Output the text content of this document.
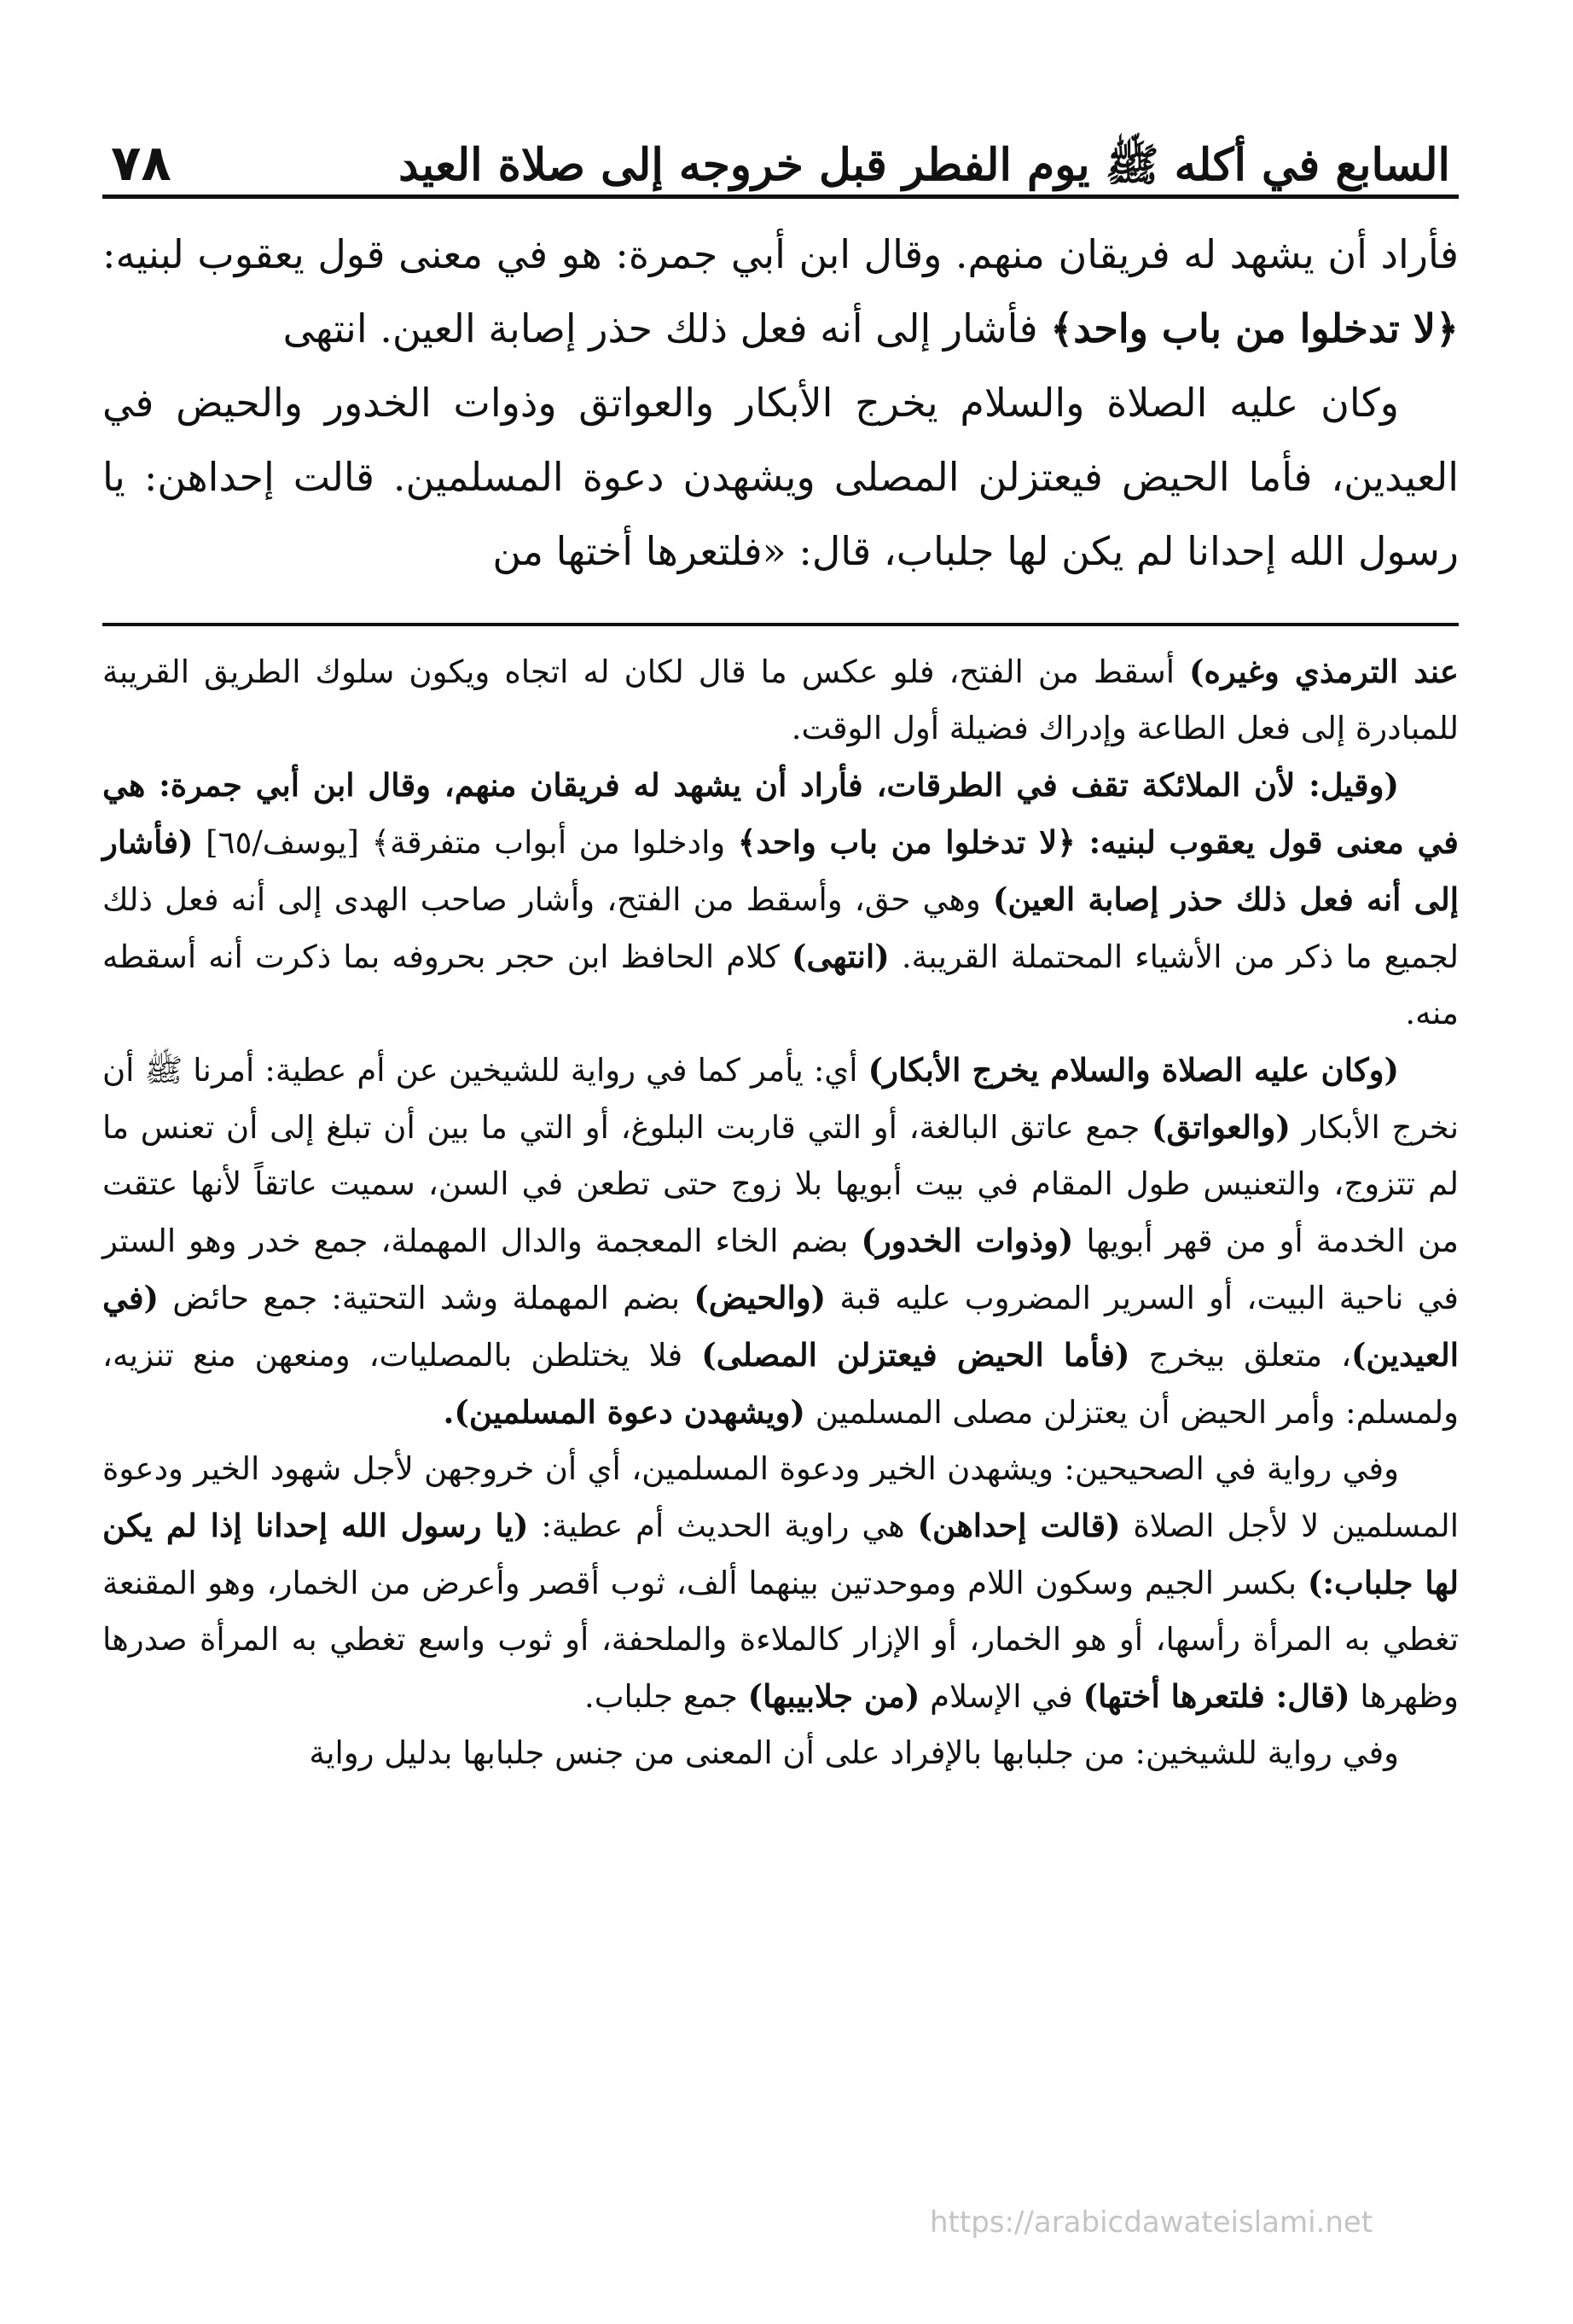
السابع في أكله ﷺ يوم الفطر قبل خروجه إلى صلاة العيد
٧٨

فأراد أن يشهد له فريقان منهم. وقال ابن أبي جمرة: هو في معنى قول يعقوب لبنيه: ﴿لا تدخلوا من باب واحد﴾ فأشار إلى أنه فعل ذلك حذر إصابة العين. انتهى

وكان عليه الصلاة والسلام يخرج الأبكار والعواتق وذوات الخدور والحيض في العيدين، فأما الحيض فيعتزلن المصلى ويشهدن دعوة المسلمين. قالت إحداهن: يا رسول الله إحدانا لم يكن لها جلباب، قال: «فلتعرها أختها من

عند الترمذي وغيره) أسقط من الفتح، فلو عكس ما قال لكان له اتجاه ويكون سلوك الطريق القريبة للمبادرة إلى فعل الطاعة وإدراك فضيلة أول الوقت.

(وقيل: لأن الملائكة تقف في الطرقات، فأراد أن يشهد له فريقان منهم، وقال ابن أبي جمرة: هي في معنى قول يعقوب لبنيه: ﴿لا تدخلوا من باب واحد﴾ وادخلوا من أبواب متفرقة﴾ [يوسف/٦٥] (فأشار إلى أنه فعل ذلك حذر إصابة العين) وهي حق، وأسقط من الفتح، وأشار صاحب الهدى إلى أنه فعل ذلك لجميع ما ذكر من الأشياء المحتملة القريبة. (انتهى) كلام الحافظ ابن حجر بحروفه بما ذكرت أنه أسقطه منه.

(وكان عليه الصلاة والسلام يخرج الأبكار) أي: يأمر كما في رواية للشيخين عن أم عطية: أمرنا ﷺ أن نخرج الأبكار (والعواتق) جمع عاتق البالغة، أو التي قاربت البلوغ، أو التي ما بين أن تبلغ إلى أن تعنس ما لم تتزوج، والتعنيس طول المقام في بيت أبويها بلا زوج حتى تطعن في السن، سميت عاتقاً لأنها عتقت من الخدمة أو من قهر أبويها (وذوات الخدور) بضم الخاء المعجمة والدال المهملة، جمع خدر وهو الستر في ناحية البيت، أو السرير المضروب عليه قبة (والحيض) بضم المهملة وشد التحتية: جمع حائض (في العيدين)، متعلق بيخرج (فأما الحيض فيعتزلن المصلى) فلا يختلطن بالمصليات، ومنعهن منع تنزيه، ولمسلم: وأمر الحيض أن يعتزلن مصلى المسلمين (ويشهدن دعوة المسلمين).

وفي رواية في الصحيحين: ويشهدن الخير ودعوة المسلمين، أي أن خروجهن لأجل شهود الخير ودعوة المسلمين لا لأجل الصلاة (قالت إحداهن) هي راوية الحديث أم عطية: (يا رسول الله إحدانا إذا لم يكن لها جلباب:) بكسر الجيم وسكون اللام وموحدتين بينهما ألف، ثوب أقصر وأعرض من الخمار، وهو المقنعة تغطي به المرأة رأسها، أو هو الخمار، أو الإزار كالملاءة والملحفة، أو ثوب واسع تغطي به المرأة صدرها وظهرها (قال: فلتعرها أختها) في الإسلام (من جلابيبها) جمع جلباب.

وفي رواية للشيخين: من جلبابها بالإفراد على أن المعنى من جنس جلبابها بدليل رواية

https://arabicdawateislami.net
